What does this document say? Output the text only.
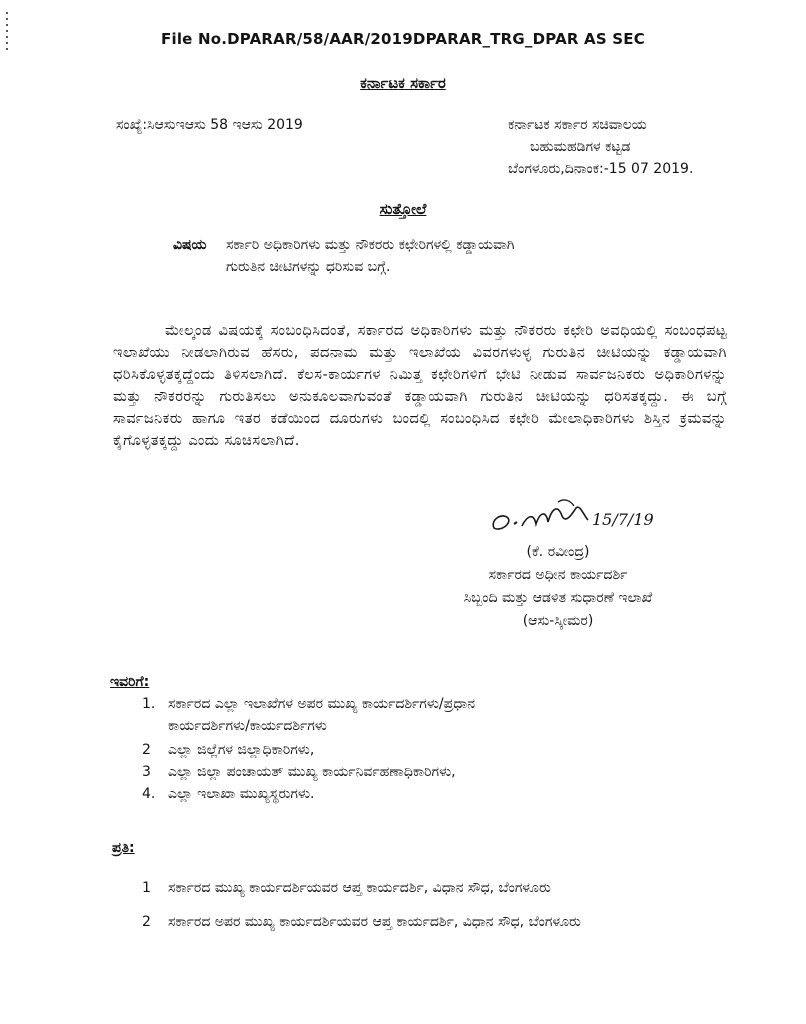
File No.DPARAR/58/AAR/2019DPARAR_TRG_DPAR AS SEC
ಕರ್ನಾಟಕ ಸರ್ಕಾರ
ಸಂಖ್ಯೆ:ಸಿಆಸುಇಆಸು 58 ಇಆಸು 2019	ಕರ್ನಾಟಕ ಸರ್ಕಾರ ಸಚಿವಾಲಯ
ಬಹುಮಹಡಿಗಳ ಕಟ್ಟಡ
ಬೆಂಗಳೂರು,ದಿನಾಂಕ:-15 07 2019.
ಸುತ್ತೋಲೆ
ವಿಷಯ ಸರ್ಕಾರಿ ಅಧಿಕಾರಿಗಳು ಮತ್ತು ನೌಕರರು ಕಛೇರಿಗಳಲ್ಲಿ ಕಡ್ಡಾಯವಾಗಿ
ಗುರುತಿನ ಚೀಟಿಗಳನ್ನು ಧರಿಸುವ ಬಗ್ಗೆ.
ಮೇಲ್ಕಂಡ ವಿಷಯಕ್ಕೆ ಸಂಬಂಧಿಸಿದಂತೆ, ಸರ್ಕಾರದ ಅಧಿಕಾರಿಗಳು ಮತ್ತು ನೌಕರರು ಕಛೇರಿ ಅವಧಿಯಲ್ಲಿ ಸಂಬಂಧಪಟ್ಟ ಇಲಾಖೆಯು ನೀಡಲಾಗಿರುವ ಹೆಸರು, ಪದನಾಮ ಮತ್ತು ಇಲಾಖೆಯ ವಿವರಗಳುಳ್ಳ ಗುರುತಿನ ಚೀಟಿಯನ್ನು ಕಡ್ಡಾಯವಾಗಿ ಧರಿಸಿಕೊಳ್ಳತಕ್ಕದ್ದೆಂದು ತಿಳಿಸಲಾಗಿದೆ. ಕೆಲಸ-ಕಾರ್ಯಗಳ ನಿಮಿತ್ತ ಕಛೇರಿಗಳಿಗೆ ಭೇಟಿ ನೀಡುವ ಸಾರ್ವಜನಿಕರು ಅಧಿಕಾರಿಗಳನ್ನು ಮತ್ತು ನೌಕರರನ್ನು ಗುರುತಿಸಲು ಅನುಕೂಲವಾಗುವಂತೆ ಕಡ್ಡಾಯವಾಗಿ ಗುರುತಿನ ಚೀಟಿಯನ್ನು ಧರಿಸತಕ್ಕದ್ದು. ಈ ಬಗ್ಗೆ ಸಾರ್ವಜನಿಕರು ಹಾಗೂ ಇತರ ಕಡೆಯಿಂದ ದೂರುಗಳು ಬಂದಲ್ಲಿ ಸಂಬಂಧಿಸಿದ ಕಛೇರಿ ಮೇಲಾಧಿಕಾರಿಗಳು ಶಿಸ್ತಿನ ಕ್ರಮವನ್ನು ಕೈಗೊಳ್ಳತಕ್ಕದ್ದು ಎಂದು ಸೂಚಿಸಲಾಗಿದೆ.
15/7/19
(ಕೆ. ರವೀಂದ್ರ)
ಸರ್ಕಾರದ ಅಧೀನ ಕಾರ್ಯದರ್ಶಿ
ಸಿಬ್ಬಂದಿ ಮತ್ತು ಆಡಳಿತ ಸುಧಾರಣೆ ಇಲಾಖೆ
(ಆಸು-ಸ್ಕೀಮರ)
ಇವರಿಗೆ:
1. ಸರ್ಕಾರದ ಎಲ್ಲಾ ಇಲಾಖೆಗಳ ಅಪರ ಮುಖ್ಯ ಕಾರ್ಯದರ್ಶಿಗಳು/ಪ್ರಧಾನ
ಕಾರ್ಯದರ್ಶಿಗಳು/ಕಾರ್ಯದರ್ಶಿಗಳು
2 ಎಲ್ಲಾ ಜಿಲ್ಲೆಗಳ ಜಿಲ್ಲಾಧಿಕಾರಿಗಳು,
3 ಎಲ್ಲಾ ಜಿಲ್ಲಾ ಪಂಚಾಯತ್ ಮುಖ್ಯ ಕಾರ್ಯನಿರ್ವಹಣಾಧಿಕಾರಿಗಳು,
4. ಎಲ್ಲಾ ಇಲಾಖಾ ಮುಖ್ಯಸ್ಥರುಗಳು.
ಪ್ರತಿ:
1 ಸರ್ಕಾರದ ಮುಖ್ಯ ಕಾರ್ಯದರ್ಶಿಯವರ ಆಪ್ತ ಕಾರ್ಯದರ್ಶಿ, ವಿಧಾನ ಸೌಧ, ಬೆಂಗಳೂರು
2 ಸರ್ಕಾರದ ಅಪರ ಮುಖ್ಯ ಕಾರ್ಯದರ್ಶಿಯವರ ಆಪ್ತ ಕಾರ್ಯದರ್ಶಿ, ವಿಧಾನ ಸೌಧ, ಬೆಂಗಳೂರು
